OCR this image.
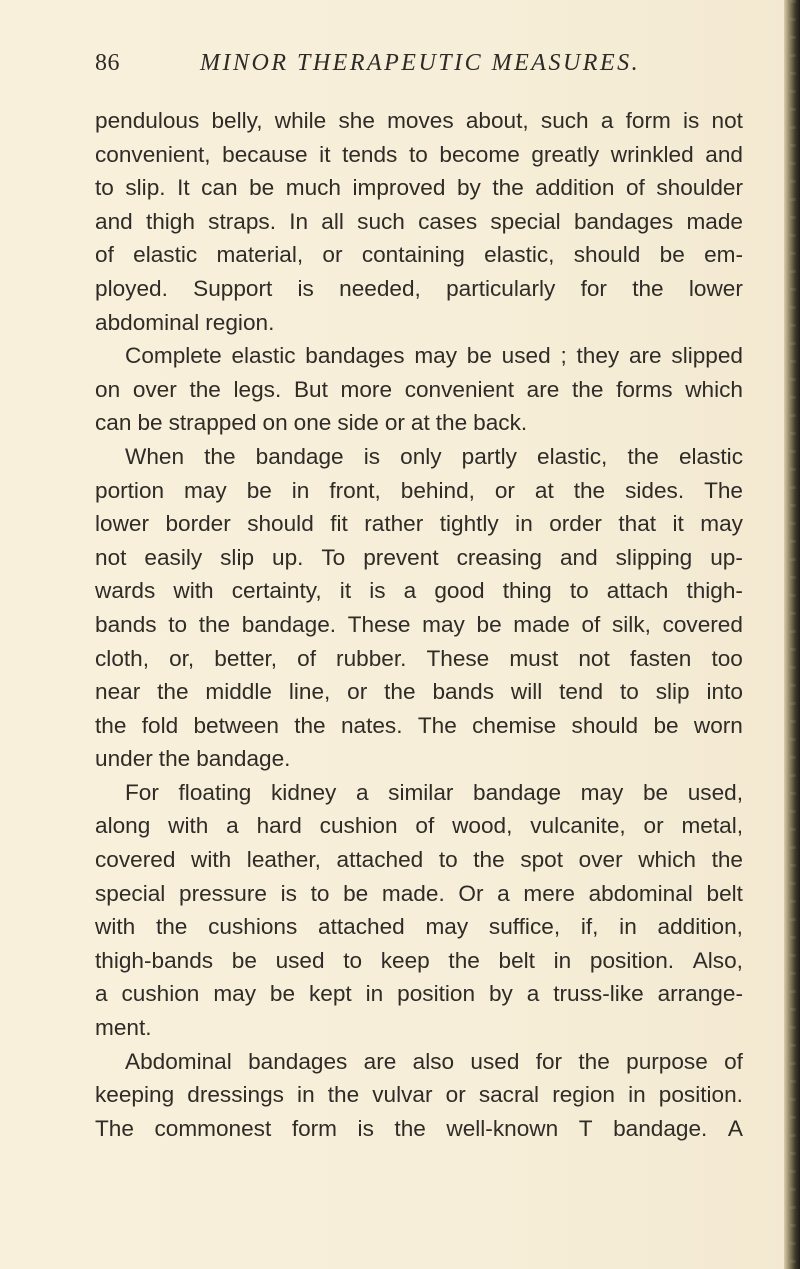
86	MINOR THERAPEUTIC MEASURES.
pendulous belly, while she moves about, such a form is not
convenient, because it tends to become greatly wrinkled and
to slip. It can be much improved by the addition of shoulder
and thigh straps. In all such cases special bandages made
of elastic material, or containing elastic, should be em-
ployed. Support is needed, particularly for the lower
abdominal region.
Complete elastic bandages may be used ; they are slipped
on over the legs. But more convenient are the forms which
can be strapped on one side or at the back.
When the bandage is only partly elastic, the elastic
portion may be in front, behind, or at the sides. The
lower border should fit rather tightly in order that it may
not easily slip up. To prevent creasing and slipping up-
wards with certainty, it is a good thing to attach thigh-
bands to the bandage. These may be made of silk, covered
cloth, or, better, of rubber. These must not fasten too
near the middle line, or the bands will tend to slip into
the fold between the nates. The chemise should be worn
under the bandage.
For floating kidney a similar bandage may be used,
along with a hard cushion of wood, vulcanite, or metal,
covered with leather, attached to the spot over which the
special pressure is to be made. Or a mere abdominal belt
with the cushions attached may suffice, if, in addition,
thigh-bands be used to keep the belt in position. Also,
a cushion may be kept in position by a truss-like arrange-
ment.
Abdominal bandages are also used for the purpose of
keeping dressings in the vulvar or sacral region in position.
The commonest form is the well-known T bandage. A
